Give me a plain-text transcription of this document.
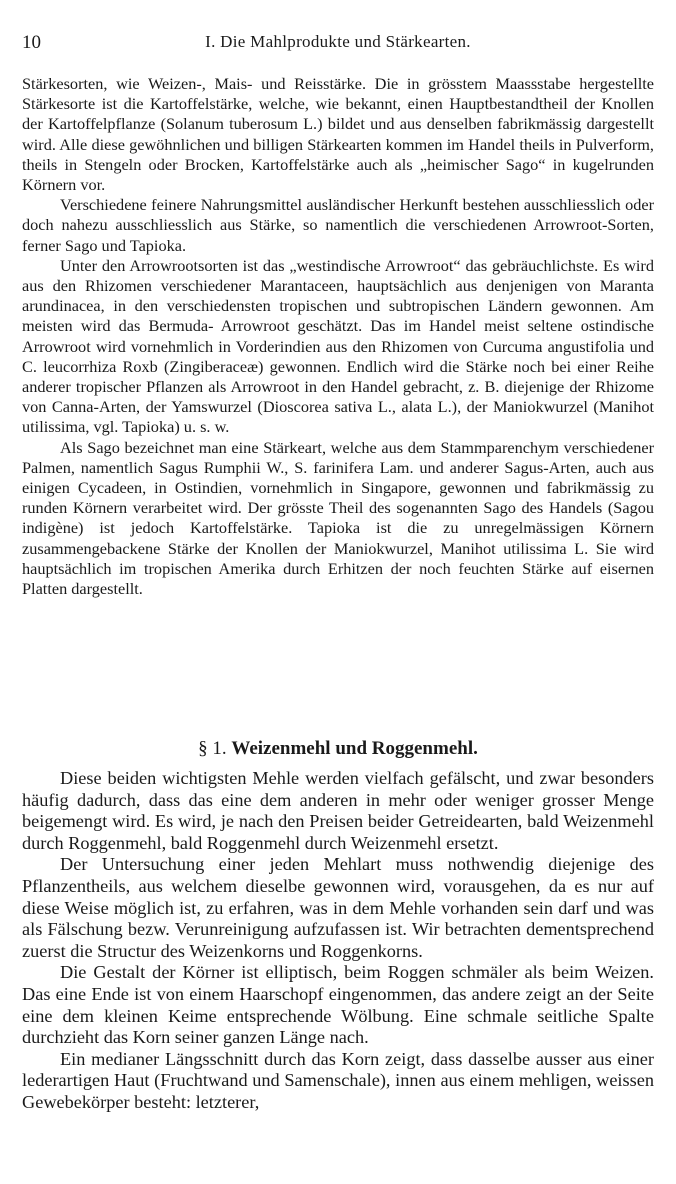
10	I. Die Mahlprodukte und Stärkearten.

Stärkesorten, wie Weizen-, Mais- und Reisstärke. Die in grösstem Maassstabe hergestellte Stärkesorte ist die Kartoffelstärke, welche, wie bekannt, einen Hauptbestandtheil der Knollen der Kartoffelpflanze (Solanum tuberosum L.) bildet und aus denselben fabrikmässig dargestellt wird. Alle diese gewöhnlichen und billigen Stärkearten kommen im Handel theils in Pulverform, theils in Stengeln oder Brocken, Kartoffelstärke auch als „heimischer Sago“ in kugelrunden Körnern vor.

Verschiedene feinere Nahrungsmittel ausländischer Herkunft bestehen ausschliesslich oder doch nahezu ausschliesslich aus Stärke, so namentlich die verschiedenen Arrowroot-Sorten, ferner Sago und Tapioka.

Unter den Arrowrootsorten ist das „westindische Arrowroot“ das gebräuchlichste. Es wird aus den Rhizomen verschiedener Marantaceen, hauptsächlich aus denjenigen von Maranta arundinacea, in den verschiedensten tropischen und subtropischen Ländern gewonnen. Am meisten wird das Bermuda- Arrowroot geschätzt. Das im Handel meist seltene ostindische Arrowroot wird vornehmlich in Vorderindien aus den Rhizomen von Curcuma angustifolia und C. leucorrhiza Roxb (Zingiberaceæ) gewonnen. Endlich wird die Stärke noch bei einer Reihe anderer tropischer Pflanzen als Arrowroot in den Handel gebracht, z. B. diejenige der Rhizome von Canna-Arten, der Yamswurzel (Dioscorea sativa L., alata L.), der Maniokwurzel (Manihot utilissima, vgl. Tapioka) u. s. w.

Als Sago bezeichnet man eine Stärkeart, welche aus dem Stammparenchym verschiedener Palmen, namentlich Sagus Rumphii W., S. farinifera Lam. und anderer Sagus-Arten, auch aus einigen Cycadeen, in Ostindien, vornehmlich in Singapore, gewonnen und fabrikmässig zu runden Körnern verarbeitet wird. Der grösste Theil des sogenannten Sago des Handels (Sagou indigène) ist jedoch Kartoffelstärke. Tapioka ist die zu unregelmässigen Körnern zusammengebackene Stärke der Knollen der Maniokwurzel, Manihot utilissima L. Sie wird hauptsächlich im tropischen Amerika durch Erhitzen der noch feuchten Stärke auf eisernen Platten dargestellt.

§ 1. Weizenmehl und Roggenmehl.

Diese beiden wichtigsten Mehle werden vielfach gefälscht, und zwar besonders häufig dadurch, dass das eine dem anderen in mehr oder weniger grosser Menge beigemengt wird. Es wird, je nach den Preisen beider Getreidearten, bald Weizenmehl durch Roggenmehl, bald Roggenmehl durch Weizenmehl ersetzt.

Der Untersuchung einer jeden Mehlart muss nothwendig diejenige des Pflanzentheils, aus welchem dieselbe gewonnen wird, vorausgehen, da es nur auf diese Weise möglich ist, zu erfahren, was in dem Mehle vorhanden sein darf und was als Fälschung bezw. Verunreinigung aufzufassen ist. Wir betrachten dementsprechend zuerst die Structur des Weizenkorns und Roggenkorns.

Die Gestalt der Körner ist elliptisch, beim Roggen schmäler als beim Weizen. Das eine Ende ist von einem Haarschopf eingenommen, das andere zeigt an der Seite eine dem kleinen Keime entsprechende Wölbung. Eine schmale seitliche Spalte durchzieht das Korn seiner ganzen Länge nach.

Ein medianer Längsschnitt durch das Korn zeigt, dass dasselbe ausser aus einer lederartigen Haut (Fruchtwand und Samenschale), innen aus einem mehligen, weissen Gewebekörper besteht: letzterer,
